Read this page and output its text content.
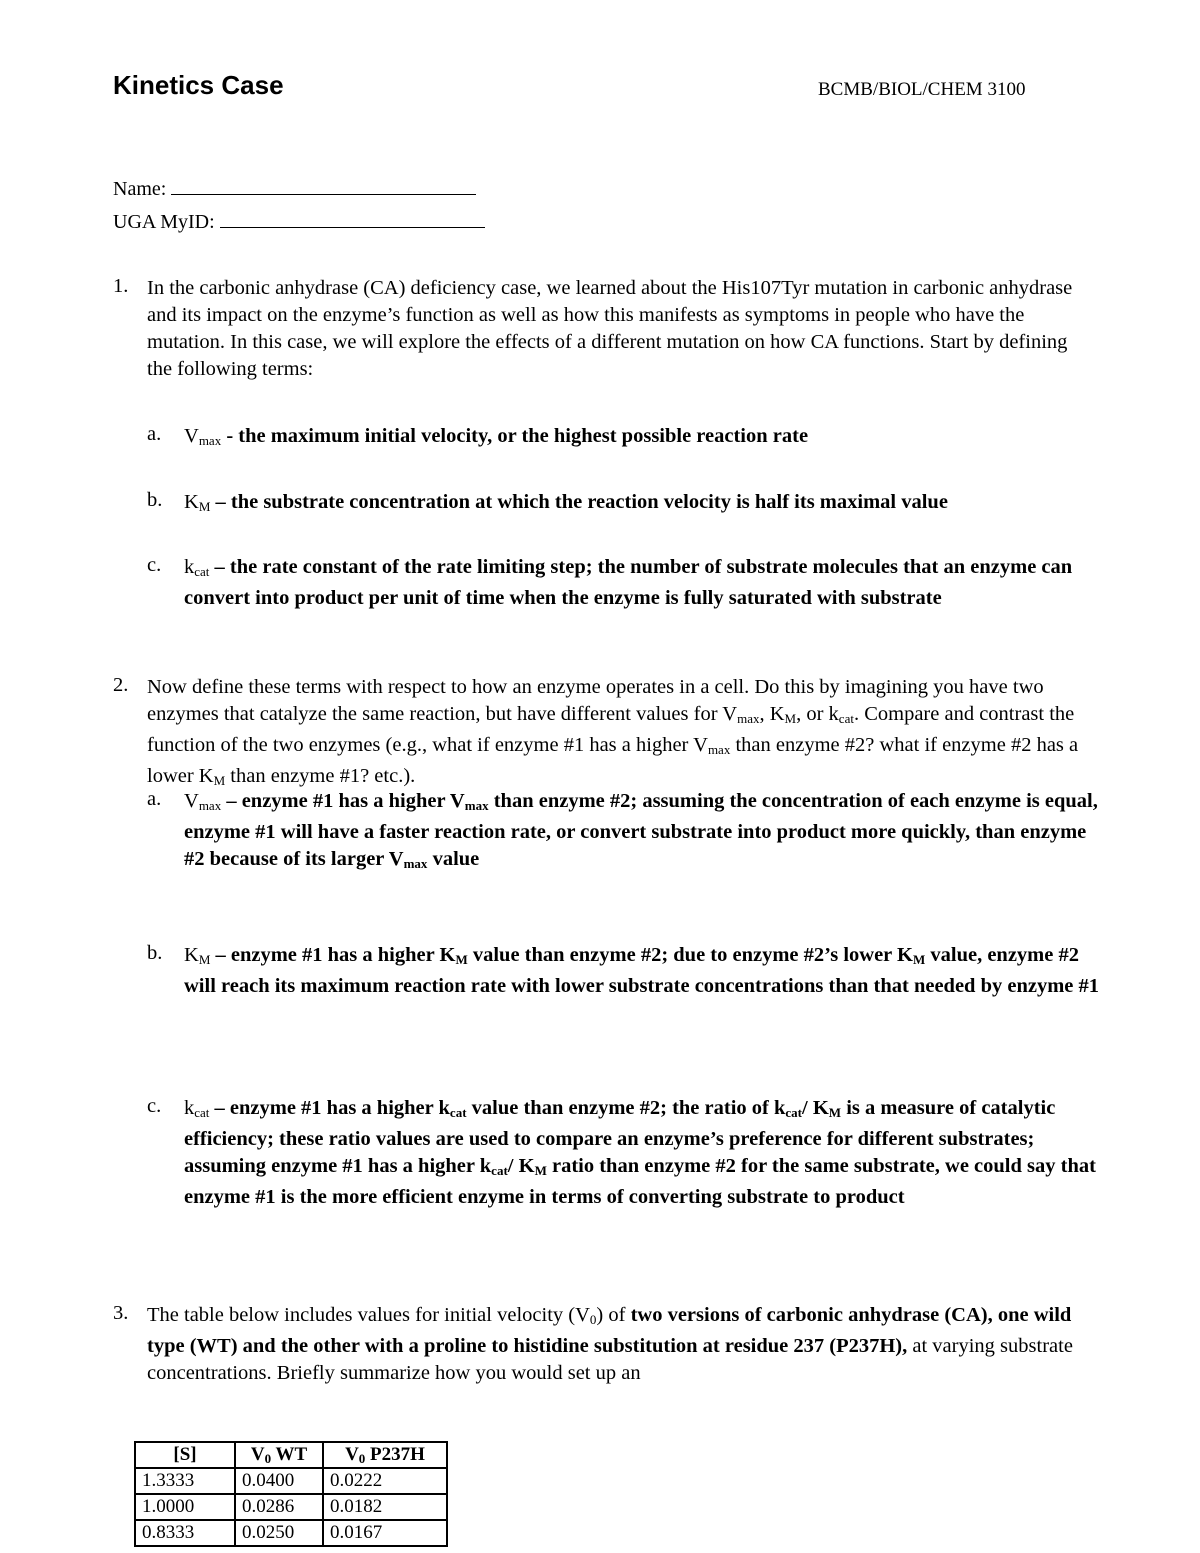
Kinetics Case	BCMB/BIOL/CHEM 3100
Name:
UGA MyID:
1. In the carbonic anhydrase (CA) deficiency case, we learned about the His107Tyr mutation in carbonic anhydrase and its impact on the enzyme’s function as well as how this manifests as symptoms in people who have the mutation. In this case, we will explore the effects of a different mutation on how CA functions. Start by defining the following terms:
a. Vmax - the maximum initial velocity, or the highest possible reaction rate
b. KM – the substrate concentration at which the reaction velocity is half its maximal value
c. kcat – the rate constant of the rate limiting step; the number of substrate molecules that an enzyme can convert into product per unit of time when the enzyme is fully saturated with substrate
2. Now define these terms with respect to how an enzyme operates in a cell. Do this by imagining you have two enzymes that catalyze the same reaction, but have different values for Vmax, KM, or kcat. Compare and contrast the function of the two enzymes (e.g., what if enzyme #1 has a higher Vmax than enzyme #2? what if enzyme #2 has a lower KM than enzyme #1? etc.).
a. Vmax – enzyme #1 has a higher Vmax than enzyme #2; assuming the concentration of each enzyme is equal, enzyme #1 will have a faster reaction rate, or convert substrate into product more quickly, than enzyme #2 because of its larger Vmax value
b. KM – enzyme #1 has a higher KM value than enzyme #2; due to enzyme #2’s lower KM value, enzyme #2 will reach its maximum reaction rate with lower substrate concentrations than that needed by enzyme #1
c. kcat – enzyme #1 has a higher kcat value than enzyme #2; the ratio of kcat/ KM is a measure of catalytic efficiency; these ratio values are used to compare an enzyme’s preference for different substrates; assuming enzyme #1 has a higher kcat/ KM ratio than enzyme #2 for the same substrate, we could say that enzyme #1 is the more efficient enzyme in terms of converting substrate to product
3. The table below includes values for initial velocity (V0) of two versions of carbonic anhydrase (CA), one wild type (WT) and the other with a proline to histidine substitution at residue 237 (P237H), at varying substrate concentrations. Briefly summarize how you would set up an
[S]	V0 WT	V0 P237H
1.3333	0.0400	0.0222
1.0000	0.0286	0.0182
0.8333	0.0250	0.0167
